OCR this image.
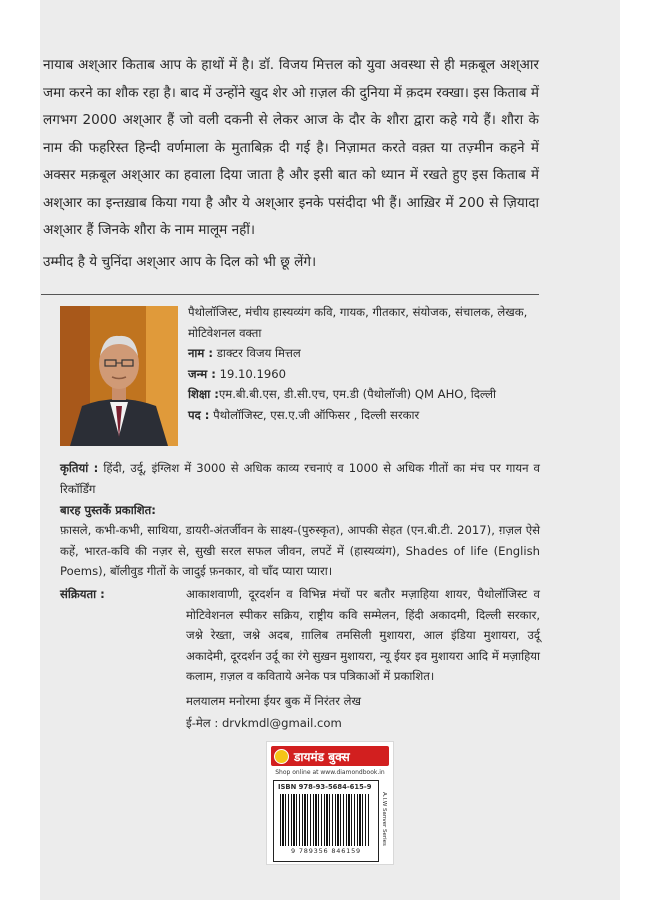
नायाब अश्आर किताब आप के हाथों में है। डॉ. विजय मित्तल को युवा अवस्था से ही मक़बूल अश्आर जमा करने का शौक रहा है। बाद में उन्होंने खुद शेर ओ ग़ज़ल की दुनिया में क़दम रक्खा। इस किताब में लगभग 2000 अश्आर हैं जो वली दकनी से लेकर आज के दौर के शौरा द्वारा कहे गये हैं। शौरा के नाम की फहरिस्त हिन्दी वर्णमाला के मुताबिक़ दी गई है। निज़ामत करते वक़्त या तज़्मीन कहने में अक्सर मक़बूल अश्आर का हवाला दिया जाता है और इसी बात को ध्यान में रखते हुए इस किताब में अश्आर का इन्तख़ाब किया गया है और ये अश्आर इनके पसंदीदा भी हैं। आख़िर में 200 से ज़ियादा अश्आर हैं जिनके शौरा के नाम मालूम नहीं।

उम्मीद है ये चुनिंदा अश्आर आप के दिल को भी छू लेंगे।

पैथोलॉजिस्ट, मंचीय हास्यव्यंग कवि, गायक, गीतकार, संयोजक, संचालक, लेखक, मोटिवेशनल वक्ता
नाम : डाक्टर विजय मित्तल
जन्म : 19.10.1960
शिक्षा :एम.बी.बी.एस, डी.सी.एच, एम.डी (पैथोलॉजी) QM AHO, दिल्ली
पद : पैथोलॉजिस्ट, एस.ए.जी ऑफिसर , दिल्ली सरकार
कृतियां : हिंदी, उर्दू, इंग्लिश में 3000 से अधिक काव्य रचनाएं व 1000 से अधिक गीतों का मंच पर गायन व रिकॉर्डिंग
बारह पुस्तकें प्रकाशित:
फ़ासले, कभी-कभी, साथिया, डायरी-अंतर्जीवन के साक्ष्य-(पुरुस्कृत), आपकी सेहत (एन.बी.टी. 2017), ग़ज़ल ऐसे कहें, भारत-कवि की नज़र से, सुखी सरल सफल जीवन, लपटें में (हास्यव्यंग), Shades of life (English Poems), बॉलीवुड गीतों के जादुई फ़नकार, वो चाँद प्यारा प्यारा।
संक्रियता :	आकाशवाणी, दूरदर्शन व विभिन्न मंचों पर बतौर मज़ाहिया शायर, पैथोलॉजिस्ट व मोटिवेशनल स्पीकर सक्रिय, राष्ट्रीय कवि सम्मेलन, हिंदी अकादमी, दिल्ली सरकार, जश्ने रेख्ता, जश्ने अदब, ग़ालिब तमसिली मुशायरा, आल इंडिया मुशायरा, उर्दू अकादेमी, दूरदर्शन उर्दू का रंगे सुख़न मुशायरा, न्यू ईयर इव मुशायरा आदि में मज़ाहिया कलाम, ग़ज़ल व कविताये अनेक पत्र पत्रिकाओं में प्रकाशित।
मलयालम मनोरमा ईयर बुक में निरंतर लेख
ई-मेल : drvkmdl@gmail.com
डायमंड बुक्स
Shop online at www.diamondbook.in
ISBN 978-93-5684-615-9
9 789356 846159
A.I.W Sanver Series
